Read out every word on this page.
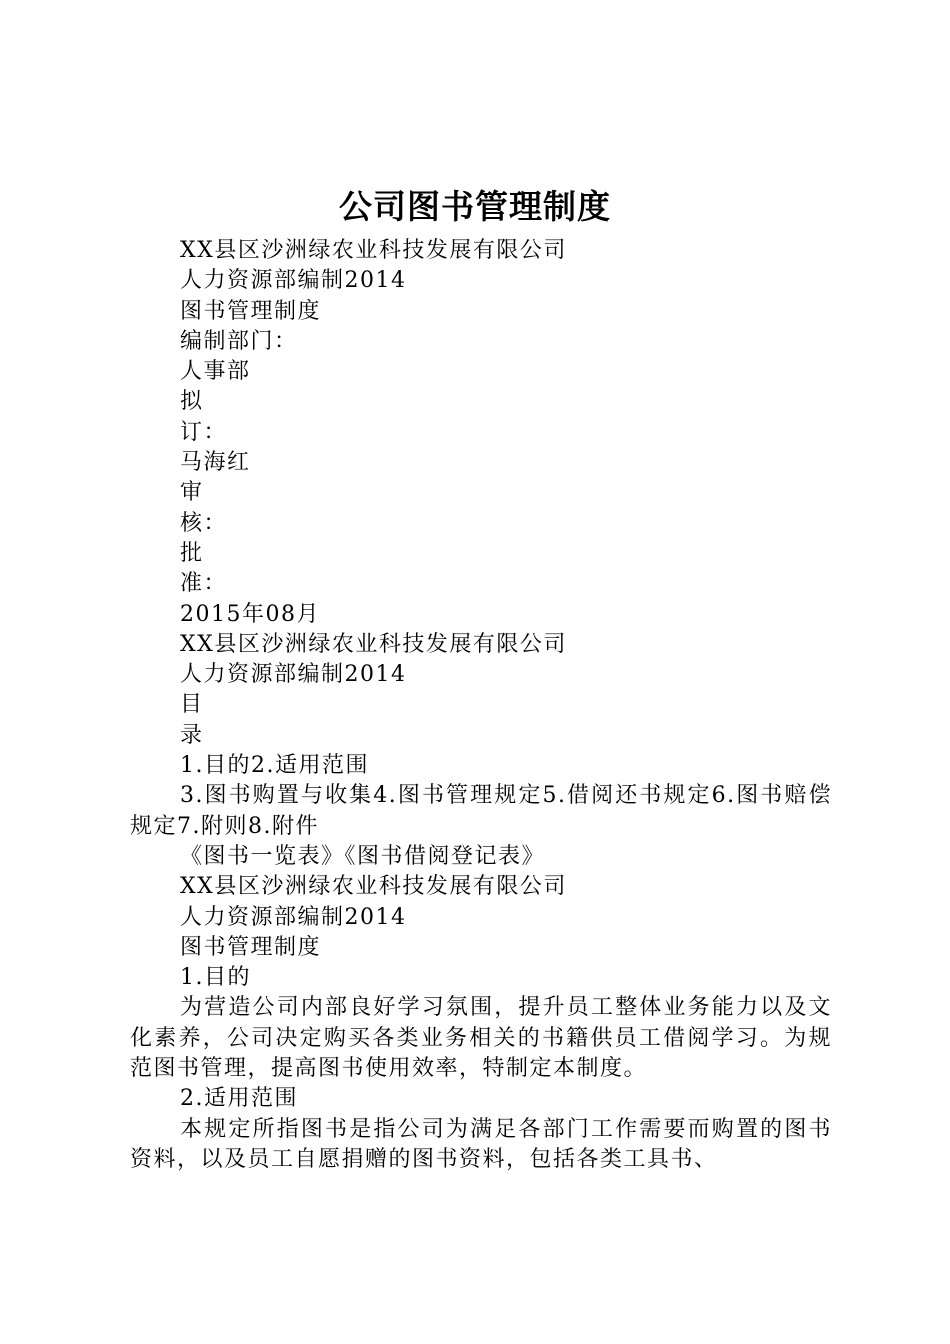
公司图书管理制度
XX县区沙洲绿农业科技发展有限公司
人力资源部编制2014
图书管理制度
编制部门：
人事部
拟
订：
马海红
审
核：
批
准：
2015年08月
XX县区沙洲绿农业科技发展有限公司
人力资源部编制2014
目
录
1.目的2.适用范围
3.图书购置与收集4.图书管理规定5.借阅还书规定6.图书赔偿规定7.附则8.附件
《图书一览表》《图书借阅登记表》
XX县区沙洲绿农业科技发展有限公司
人力资源部编制2014
图书管理制度
1.目的
为营造公司内部良好学习氛围，提升员工整体业务能力以及文化素养，公司决定购买各类业务相关的书籍供员工借阅学习。为规范图书管理，提高图书使用效率，特制定本制度。
2.适用范围
本规定所指图书是指公司为满足各部门工作需要而购置的图书资料，以及员工自愿捐赠的图书资料，包括各类工具书、
